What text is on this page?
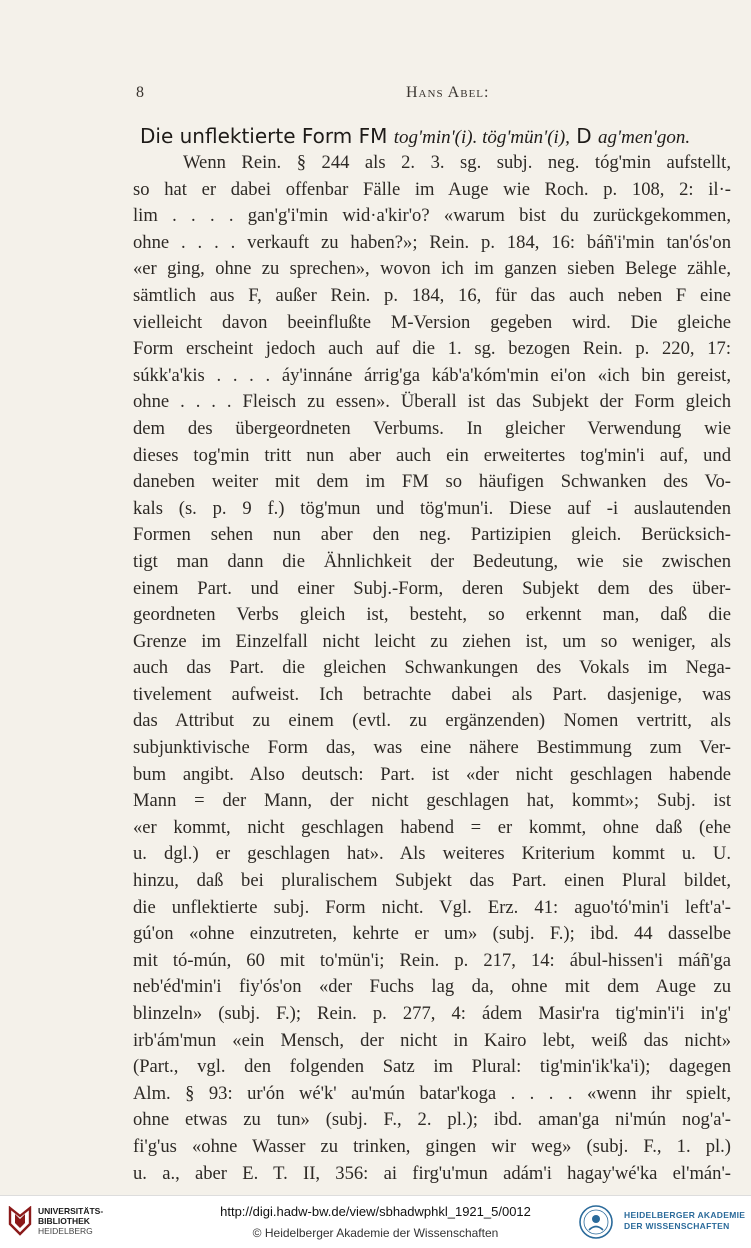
8	Hans Abel:
Die unflektierte Form FM tog'min'(i). tög'mün'(i), D ag'men'gon.
Wenn Rein. § 244 als 2. 3. sg. subj. neg. tóg'min aufstellt,
so hat er dabei offenbar Fälle im Auge wie Roch. p. 108, 2: il·-
lim . . . . gan'g'i'min wid·a'kir'o? «warum bist du zurückgekommen,
ohne . . . . verkauft zu haben?»; Rein. p. 184, 16: báñ'i'min tan'ós'on
«er ging, ohne zu sprechen», wovon ich im ganzen sieben Belege zähle,
sämtlich aus F, außer Rein. p. 184, 16, für das auch neben F eine
vielleicht davon beeinflußte M-Version gegeben wird. Die gleiche
Form erscheint jedoch auch auf die 1. sg. bezogen Rein. p. 220, 17:
súkk'a'kis . . . . áy'innáne árrig'ga káb'a'kóm'min ei'on «ich bin gereist,
ohne . . . . Fleisch zu essen». Überall ist das Subjekt der Form gleich
dem des übergeordneten Verbums. In gleicher Verwendung wie
dieses tog'min tritt nun aber auch ein erweitertes tog'min'i auf, und
daneben weiter mit dem im FM so häufigen Schwanken des Vo-
kals (s. p. 9 f.) tög'mun und tög'mun'i. Diese auf -i auslautenden
Formen sehen nun aber den neg. Partizipien gleich. Berücksich-
tigt man dann die Ähnlichkeit der Bedeutung, wie sie zwischen
einem Part. und einer Subj.-Form, deren Subjekt dem des über-
geordneten Verbs gleich ist, besteht, so erkennt man, daß die
Grenze im Einzelfall nicht leicht zu ziehen ist, um so weniger, als
auch das Part. die gleichen Schwankungen des Vokals im Nega-
tivelement aufweist. Ich betrachte dabei als Part. dasjenige, was
das Attribut zu einem (evtl. zu ergänzenden) Nomen vertritt, als
subjunktivische Form das, was eine nähere Bestimmung zum Ver-
bum angibt. Also deutsch: Part. ist «der nicht geschlagen habende
Mann = der Mann, der nicht geschlagen hat, kommt»; Subj. ist
«er kommt, nicht geschlagen habend = er kommt, ohne daß (ehe
u. dgl.) er geschlagen hat». Als weiteres Kriterium kommt u. U.
hinzu, daß bei pluralischem Subjekt das Part. einen Plural bildet,
die unflektierte subj. Form nicht. Vgl. Erz. 41: aguo'tó'min'i left'a'-
gú'on «ohne einzutreten, kehrte er um» (subj. F.); ibd. 44 dasselbe
mit tó-mún, 60 mit to'mün'i; Rein. p. 217, 14: ábul-hissen'i máñ'ga
neb'éd'min'i fiy'ós'on «der Fuchs lag da, ohne mit dem Auge zu
blinzeln» (subj. F.); Rein. p. 277, 4: ádem Masir'ra tig'min'i'i in'g'
irb'ám'mun «ein Mensch, der nicht in Kairo lebt, weiß das nicht»
(Part., vgl. den folgenden Satz im Plural: tig'min'ik'ka'i); dagegen
Alm. § 93: ur'ón wé'k' au'mún batar'koga . . . . «wenn ihr spielt,
ohne etwas zu tun» (subj. F., 2. pl.); ibd. aman'ga ni'mún nog'a'-
fi'g'us «ohne Wasser zu trinken, gingen wir weg» (subj. F., 1. pl.)
u. a., aber E. T. II, 356: ai firg'u'mun adám'i hagay'wé'ka el'mán'-
UNIVERSITÄTS-
BIBLIOTHEK
HEIDELBERG
http://digi.hadw-bw.de/view/sbhadwphkl_1921_5/0012
© Heidelberger Akademie der Wissenschaften
HEIDELBERGER AKADEMIE
DER WISSENSCHAFTEN
